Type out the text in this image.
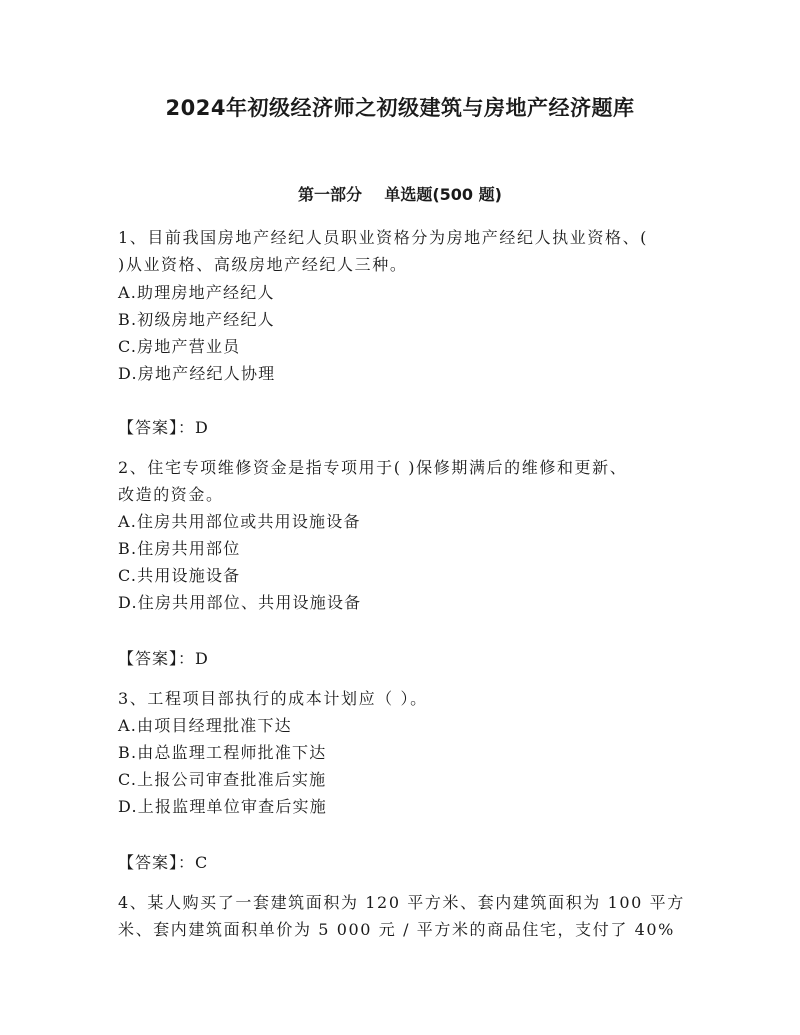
2024年初级经济师之初级建筑与房地产经济题库
第一部分    单选题(500 题)
1、目前我国房地产经纪人员职业资格分为房地产经纪人执业资格、(
)从业资格、高级房地产经纪人三种。
A.助理房地产经纪人
B.初级房地产经纪人
C.房地产营业员
D.房地产经纪人协理
【答案】：D
2、住宅专项维修资金是指专项用于( )保修期满后的维修和更新、
改造的资金。
A.住房共用部位或共用设施设备
B.住房共用部位
C.共用设施设备
D.住房共用部位、共用设施设备
【答案】：D
3、工程项目部执行的成本计划应（ ）。
A.由项目经理批准下达
B.由总监理工程师批准下达
C.上报公司审查批准后实施
D.上报监理单位审查后实施
【答案】：C
4、某人购买了一套建筑面积为 120 平方米、套内建筑面积为 100 平方
米、套内建筑面积单价为 5 000 元 / 平方米的商品住宅，支付了 40%
